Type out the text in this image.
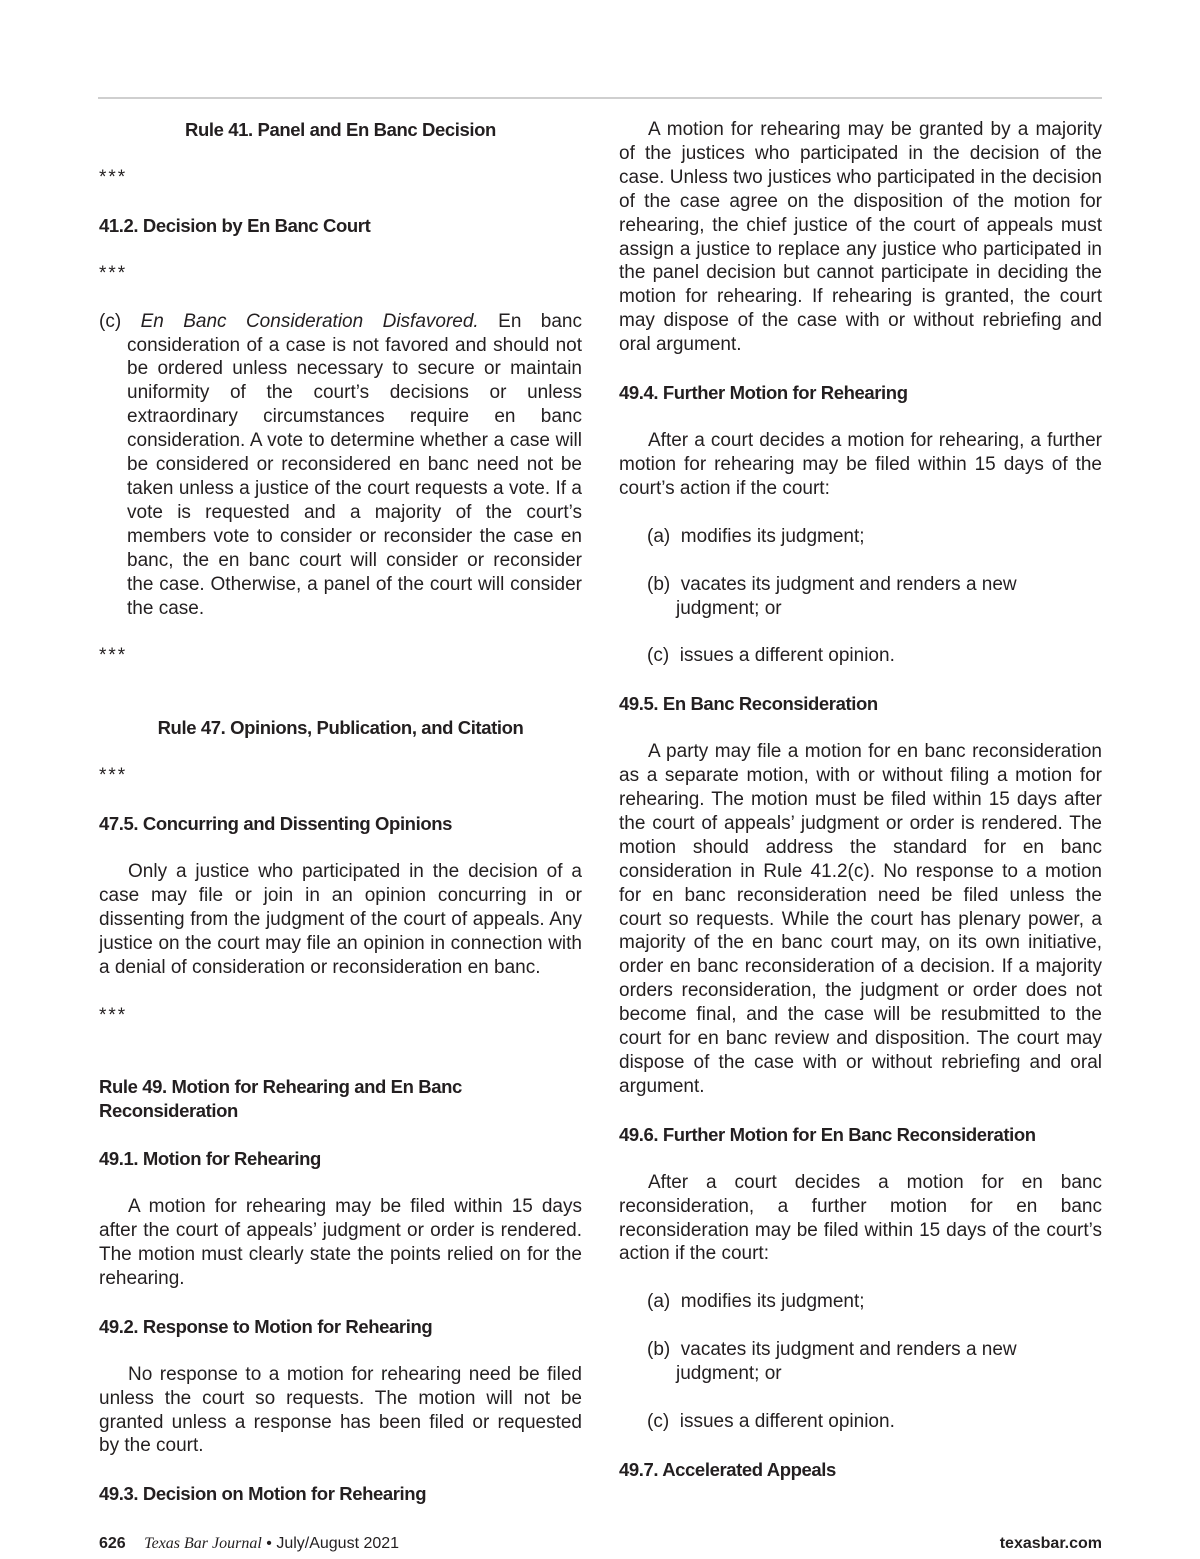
Rule 41. Panel and En Banc Decision

***

41.2. Decision by En Banc Court

***

(c) En Banc Consideration Disfavored. En banc consideration of a case is not favored and should not be ordered unless necessary to secure or maintain uniformity of the court’s decisions or unless extraordinary circumstances require en banc consideration. A vote to determine whether a case will be considered or reconsidered en banc need not be taken unless a justice of the court requests a vote. If a vote is requested and a majority of the court’s members vote to consider or reconsider the case en banc, the en banc court will consider or reconsider the case. Otherwise, a panel of the court will consider the case.

***

Rule 47. Opinions, Publication, and Citation

***

47.5. Concurring and Dissenting Opinions

Only a justice who participated in the decision of a case may file or join in an opinion concurring in or dissenting from the judgment of the court of appeals. Any justice on the court may file an opinion in connection with a denial of consideration or reconsideration en banc.

***

Rule 49. Motion for Rehearing and En Banc Reconsideration

49.1. Motion for Rehearing

A motion for rehearing may be filed within 15 days after the court of appeals’ judgment or order is rendered. The motion must clearly state the points relied on for the rehearing.

49.2. Response to Motion for Rehearing

No response to a motion for rehearing need be filed unless the court so requests. The motion will not be granted unless a response has been filed or requested by the court.

49.3. Decision on Motion for Rehearing

A motion for rehearing may be granted by a majority of the justices who participated in the decision of the case. Unless two justices who participated in the decision of the case agree on the disposition of the motion for rehearing, the chief justice of the court of appeals must assign a justice to replace any justice who participated in the panel decision but cannot participate in deciding the motion for rehearing. If rehearing is granted, the court may dispose of the case with or without rebriefing and oral argument.

49.4. Further Motion for Rehearing

After a court decides a motion for rehearing, a further motion for rehearing may be filed within 15 days of the court’s action if the court:

(a) modifies its judgment;

(b) vacates its judgment and renders a new judgment; or

(c) issues a different opinion.

49.5. En Banc Reconsideration

A party may file a motion for en banc reconsideration as a separate motion, with or without filing a motion for rehearing. The motion must be filed within 15 days after the court of appeals’ judgment or order is rendered. The motion should address the standard for en banc consideration in Rule 41.2(c). No response to a motion for en banc reconsideration need be filed unless the court so requests. While the court has plenary power, a majority of the en banc court may, on its own initiative, order en banc reconsideration of a decision. If a majority orders reconsideration, the judgment or order does not become final, and the case will be resubmitted to the court for en banc review and disposition. The court may dispose of the case with or without rebriefing and oral argument.

49.6. Further Motion for En Banc Reconsideration

After a court decides a motion for en banc reconsideration, a further motion for en banc reconsideration may be filed within 15 days of the court’s action if the court:

(a) modifies its judgment;

(b) vacates its judgment and renders a new judgment; or

(c) issues a different opinion.

49.7. Accelerated Appeals

626 Texas Bar Journal • July/August 2021	texasbar.com
